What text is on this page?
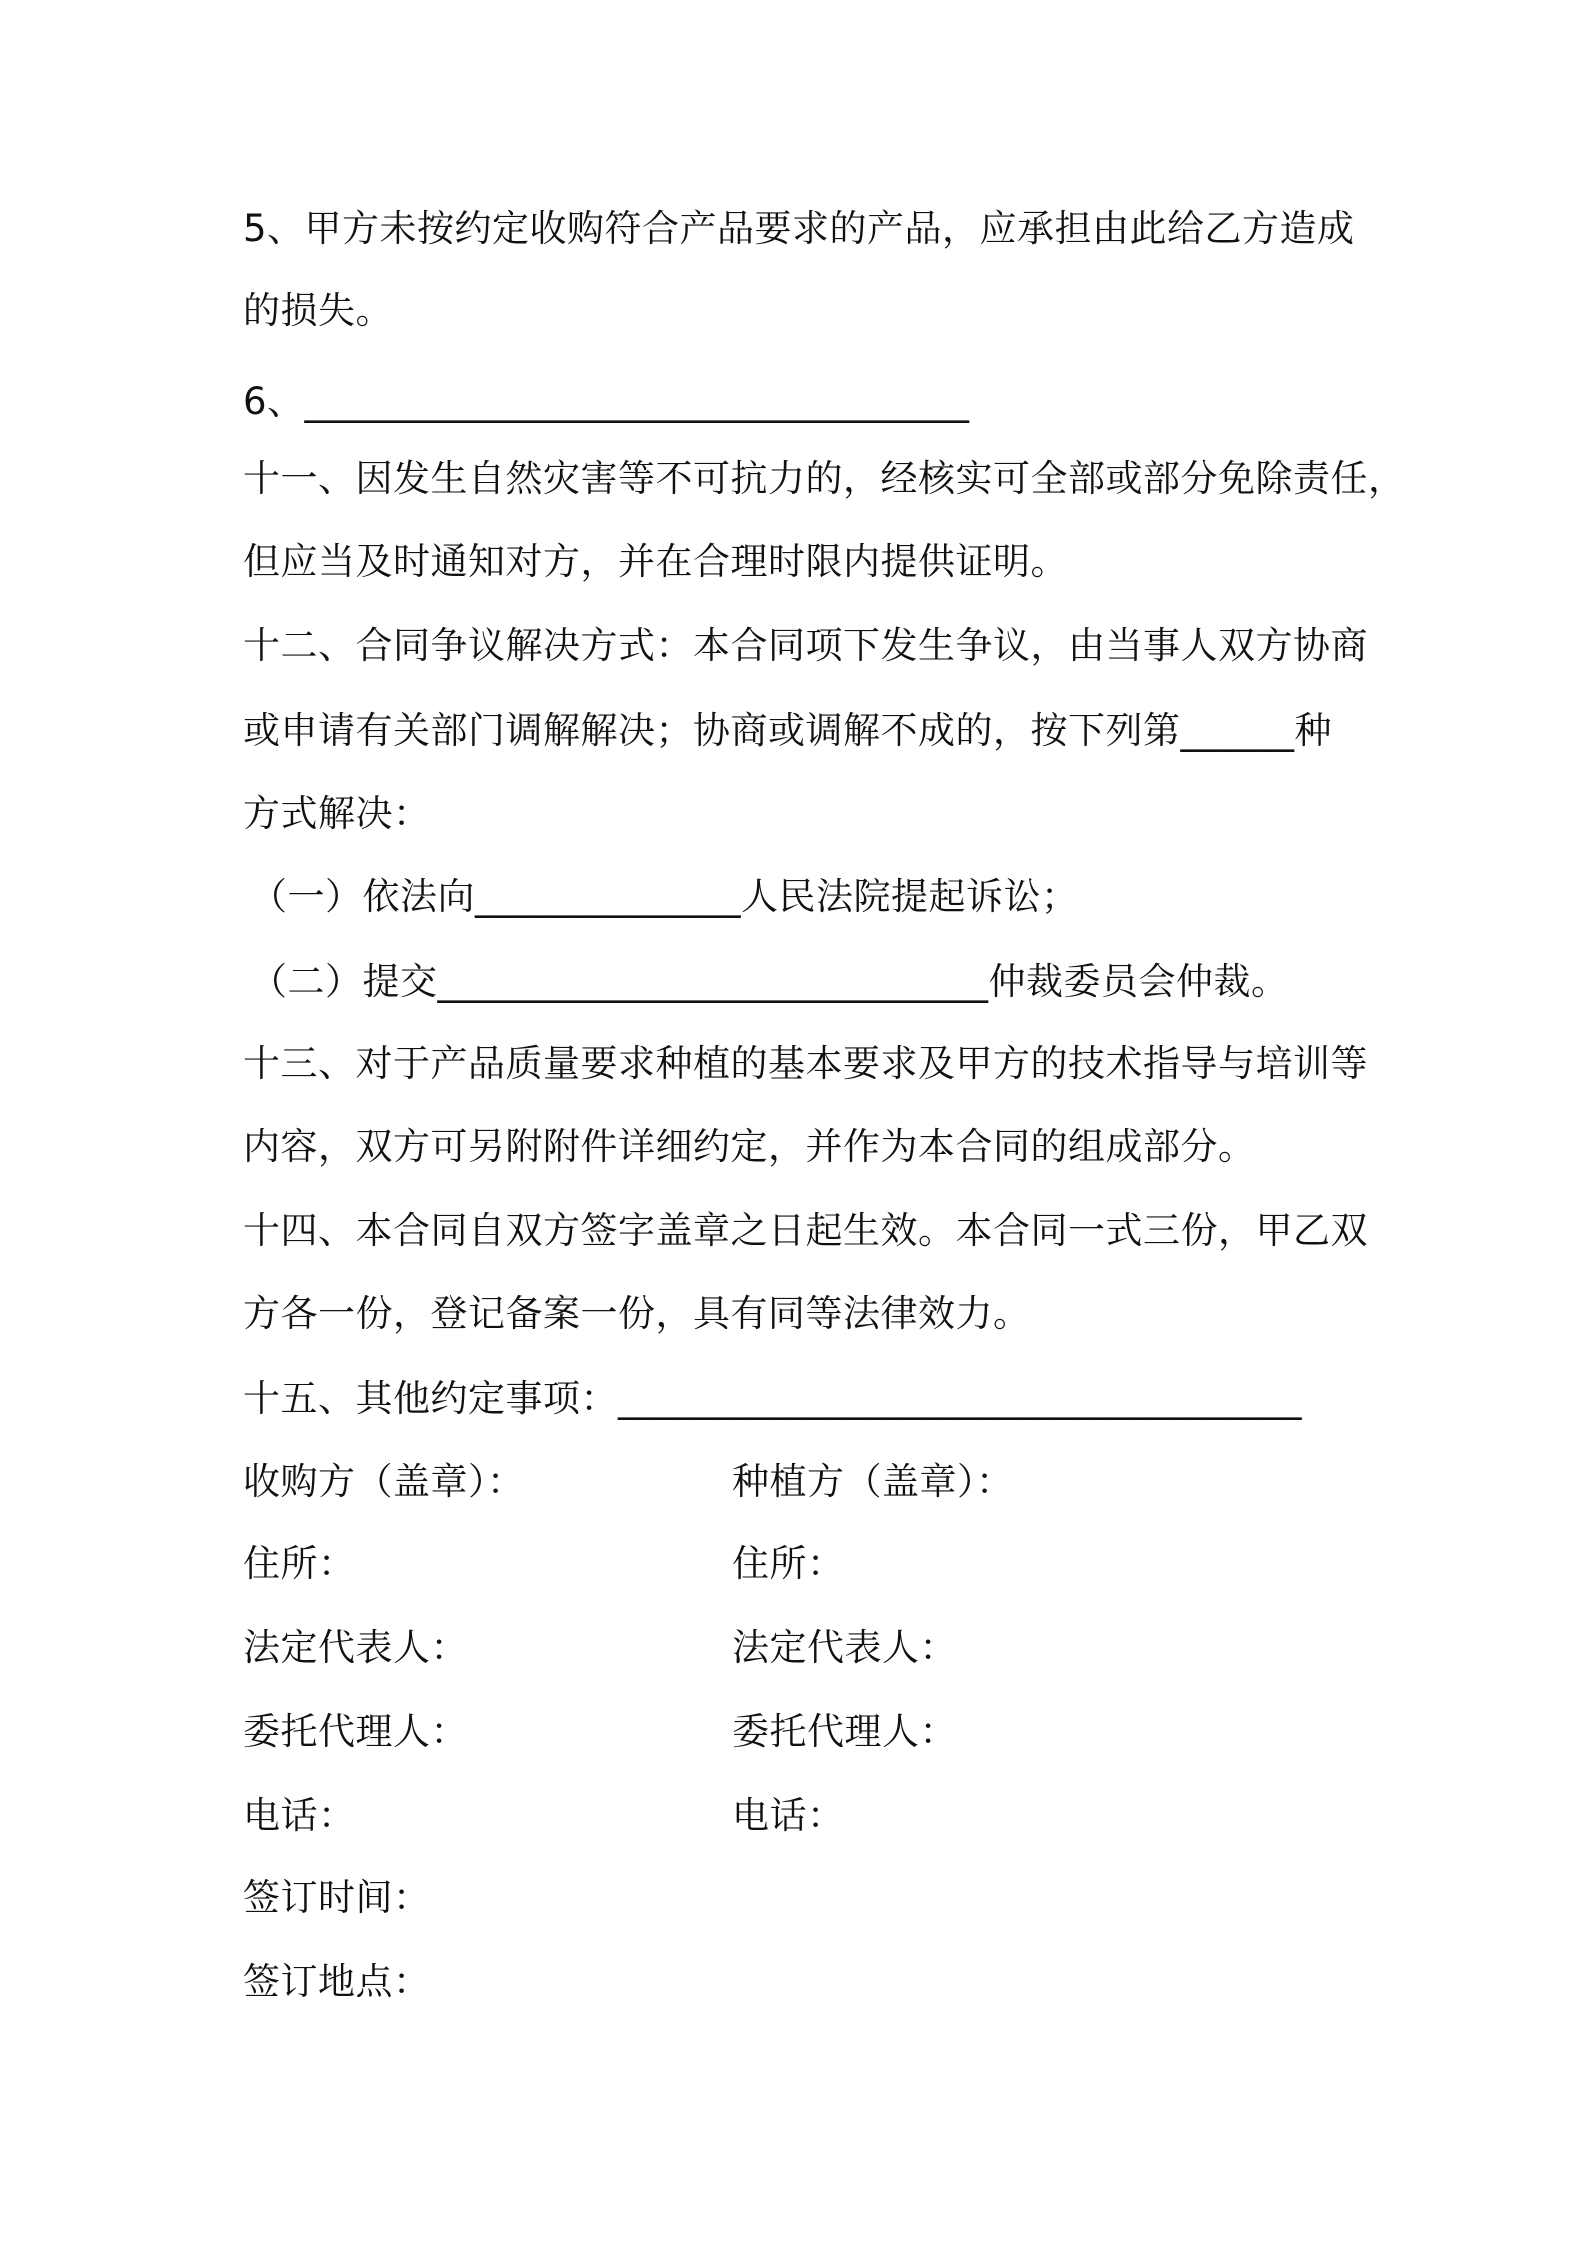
5、甲方未按约定收购符合产品要求的产品，应承担由此给乙方造成
的损失。
6、___________________________________
十一、因发生自然灾害等不可抗力的，经核实可全部或部分免除责任，
但应当及时通知对方，并在合理时限内提供证明。
十二、合同争议解决方式：本合同项下发生争议，由当事人双方协商
或申请有关部门调解解决；协商或调解不成的，按下列第______种
方式解决：
（一）依法向______________人民法院提起诉讼；
（二）提交_____________________________仲裁委员会仲裁。
十三、对于产品质量要求种植的基本要求及甲方的技术指导与培训等
内容，双方可另附附件详细约定，并作为本合同的组成部分。
十四、本合同自双方签字盖章之日起生效。本合同一式三份，甲乙双
方各一份，登记备案一份，具有同等法律效力。
十五、其他约定事项：____________________________________
收购方（盖章）：	种植方（盖章）：
住所：	住所：
法定代表人：	法定代表人：
委托代理人：	委托代理人：
电话：	电话：
签订时间：
签订地点：
